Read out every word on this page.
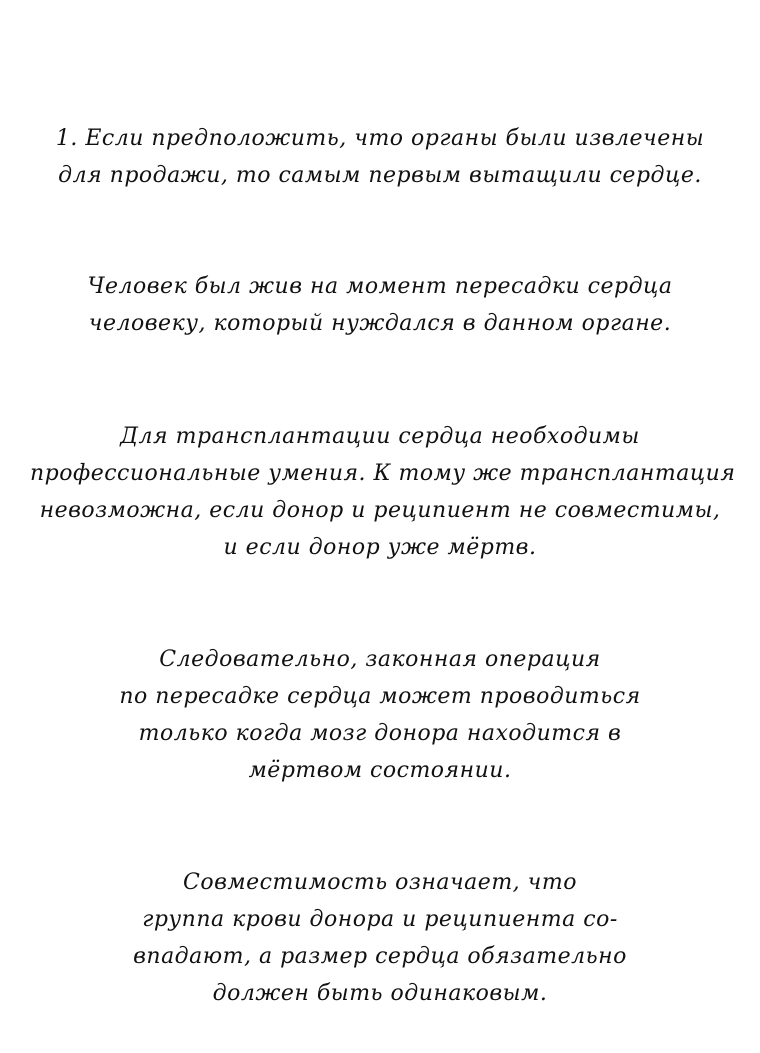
1. Если предположить, что органы были извлечены
для продажи, то самым первым вытащили сердце.
Человек был жив на момент пересадки сердца
человеку, который нуждался в данном органе.
Для трансплантации сердца необходимы
профессиональные умения. К тому же трансплантация
невозможна, если донор и реципиент не совместимы,
и если донор уже мёртв.
Следовательно, законная операция
по пересадке сердца может проводиться
только когда мозг донора находится в
мёртвом состоянии.
Совместимость означает, что
группа крови донора и реципиента со-
впадают, а размер сердца обязательно
должен быть одинаковым.
